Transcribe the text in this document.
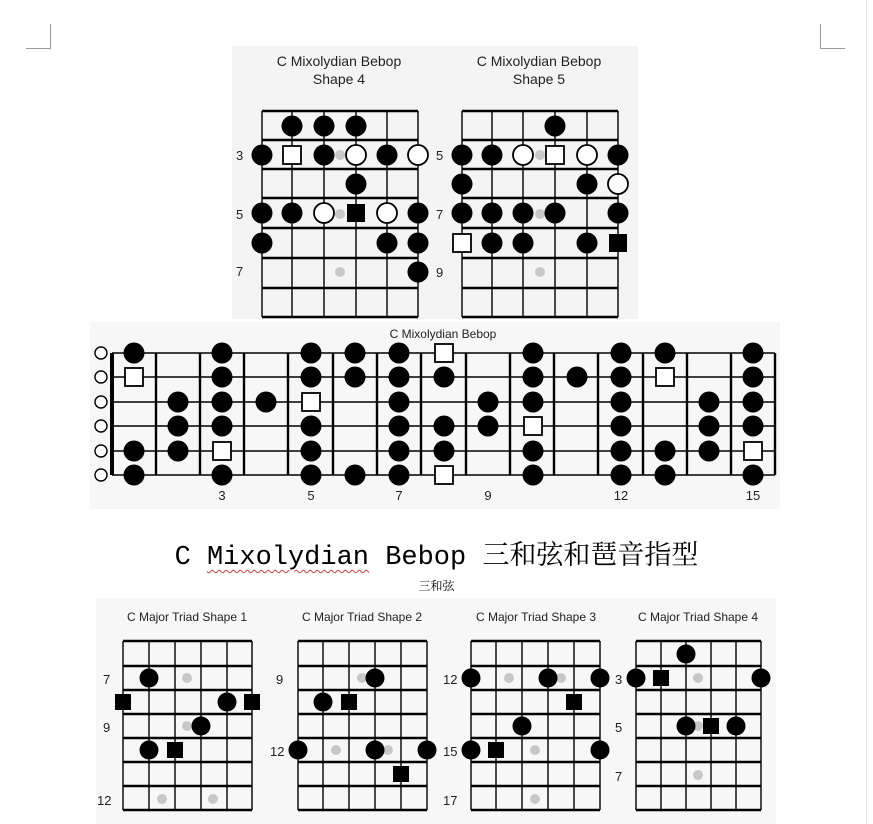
C Mixolydian Bebop
Shape 4
C Mixolydian Bebop
Shape 5
C Mixolydian Bebop
C Major Triad Shape 1	C Major Triad Shape 2	C Major Triad Shape 3	C Major Triad Shape 4
3
5
7
5
7
9
3	5	7	9	12	15
7
9
12
9
12
12
15
17
3
5
7
C Mixolydian Bebop 三和弦和琶音指型
三和弦
